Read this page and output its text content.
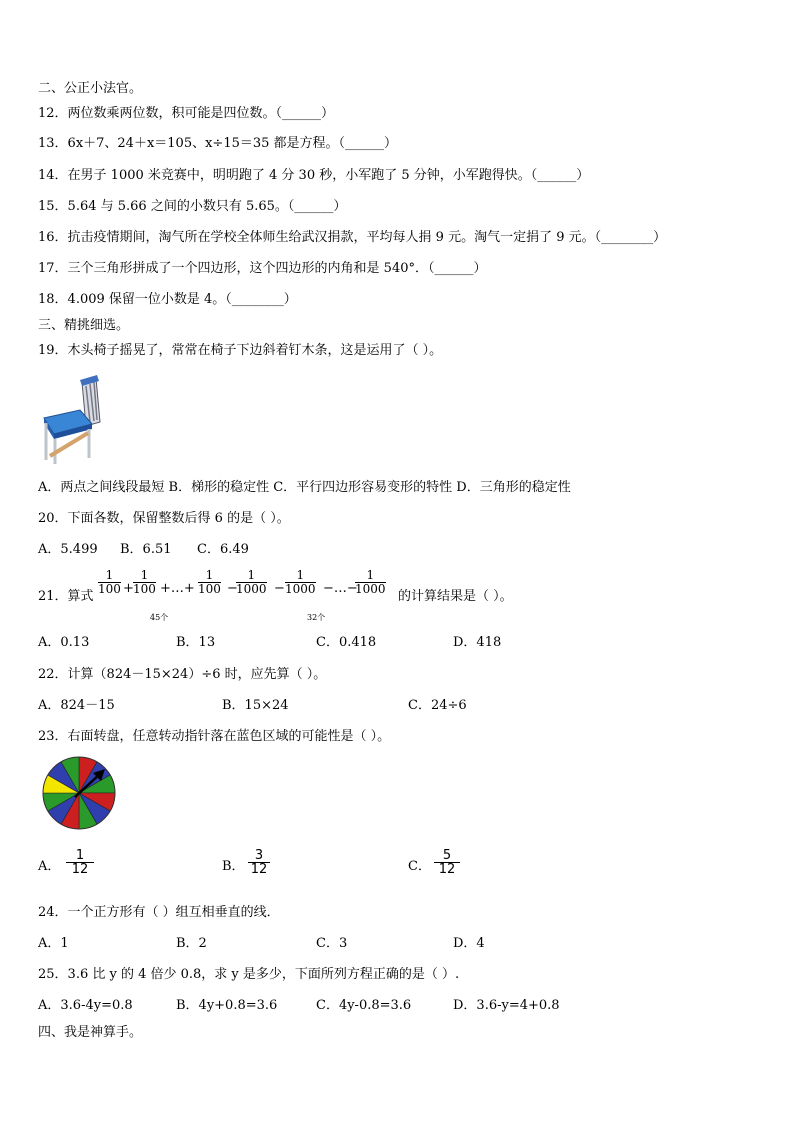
二、公正小法官。
12．两位数乘两位数，积可能是四位数。（______）
13．6x＋7、24＋x＝105、x÷15＝35 都是方程。（______）
14．在男子 1000 米竞赛中，明明跑了 4 分 30 秒，小军跑了 5 分钟，小军跑得快。（______）
15．5.64 与 5.66 之间的小数只有 5.65。（______）
16．抗击疫情期间，淘气所在学校全体师生给武汉捐款，平均每人捐 9 元。淘气一定捐了 9 元。（________）
17．三个三角形拼成了一个四边形，这个四边形的内角和是 540°．（______）
18．4.009 保留一位小数是 4。（________）
三、精挑细选。
19．木头椅子摇晃了，常常在椅子下边斜着钉木条，这是运用了（ ）。
A．两点之间线段最短 B．梯形的稳定性 C．平行四边形容易变形的特性 D．三角形的稳定性
20．下面各数，保留整数后得 6 的是（ ）。
A．5.499 B．6.51 C．6.49
21．算式
$\frac{1}{100} + \frac{1}{100}$ +…+ $\frac{1}{100}$ −
$\frac{1}{1000} - \frac{1}{1000}$ −…−
$\frac{1}{1000}$
的计算结果是（ ）。
45个	32个
A．0.13	B．13	C．0.418	D．418
22．计算（824－15×24）÷6 时，应先算（ ）。
A．824－15	B．15×24	C．24÷6
23．右面转盘，任意转动指针落在蓝色区域的可能性是（ ）。
A． $\frac{1}{12}$	B． $\frac{3}{12}$	C． $\frac{5}{12}$
24．一个正方形有（ ）组互相垂直的线．
A．1	B．2	C．3	D．4
25．3.6 比 y 的 4 倍少 0.8，求 y 是多少，下面所列方程正确的是（ ）.
A．3.6-4y=0.8	B．4y+0.8=3.6	C．4y-0.8=3.6	D．3.6-y=4+0.8
四、我是神算手。
